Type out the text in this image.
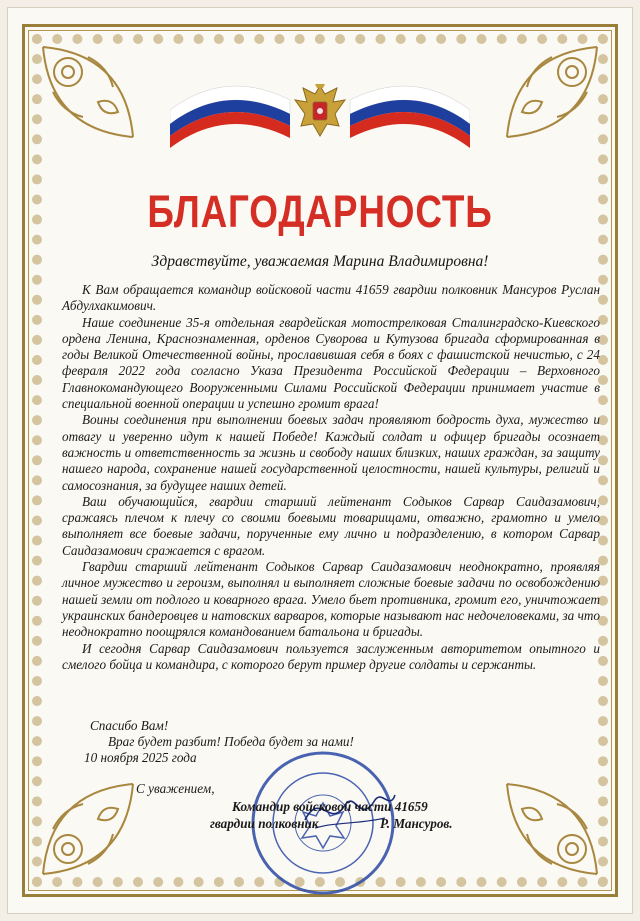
БЛАГОДАРНОСТЬ
Здравствуйте, уважаемая Марина Владимировна!

К Вам обращается командир войсковой части 41659 гвардии полковник Мансуров Руслан Абдулхакимович.

Наше соединение 35-я отдельная гвардейская мотострелковая Сталинградско-Киевского ордена Ленина, Краснознаменная, орденов Суворова и Кутузова бригада сформированная в годы Великой Отечественной войны, прославившая себя в боях с фашистской нечистью, с 24 февраля 2022 года согласно Указа Президента Российской Федерации – Верховного Главнокомандующего Вооруженными Силами Российской Федерации принимает участие в специальной военной операции и успешно громит врага!

Воины соединения при выполнении боевых задач проявляют бодрость духа, мужество и отвагу и уверенно идут к нашей Победе! Каждый солдат и офицер бригады осознает важность и ответственность за жизнь и свободу наших близких, наших граждан, за защиту нашего народа, сохранение нашей государственной целостности, нашей культуры, религий и самосознания, за будущее наших детей.

Ваш обучающийся, гвардии старший лейтенант Содыков Сарвар Саидазамович, сражаясь плечом к плечу со своими боевыми товарищами, отважно, грамотно и умело выполняет все боевые задачи, порученные ему лично и подразделению, в котором Сарвар Саидазамович сражается с врагом.

Гвардии старший лейтенант Содыков Сарвар Саидазамович неоднократно, проявляя личное мужество и героизм, выполнял и выполняет сложные боевые задачи по освобождению нашей земли от подлого и коварного врага. Умело бьет противника, громит его, уничтожает украинских бандеровцев и натовских варваров, которые называют нас недочеловеками, за что неоднократно поощрялся командованием батальона и бригады.

И сегодня Сарвар Саидазамович пользуется заслуженным авторитетом опытного и смелого бойца и командира, с которого берут пример другие солдаты и сержанты.

Спасибо Вам!
Враг будет разбит! Победа будет за нами!
10 ноября 2025 года
С уважением,
Командир войсковой части 41659
гвардии полковник	Р. Мансуров.
